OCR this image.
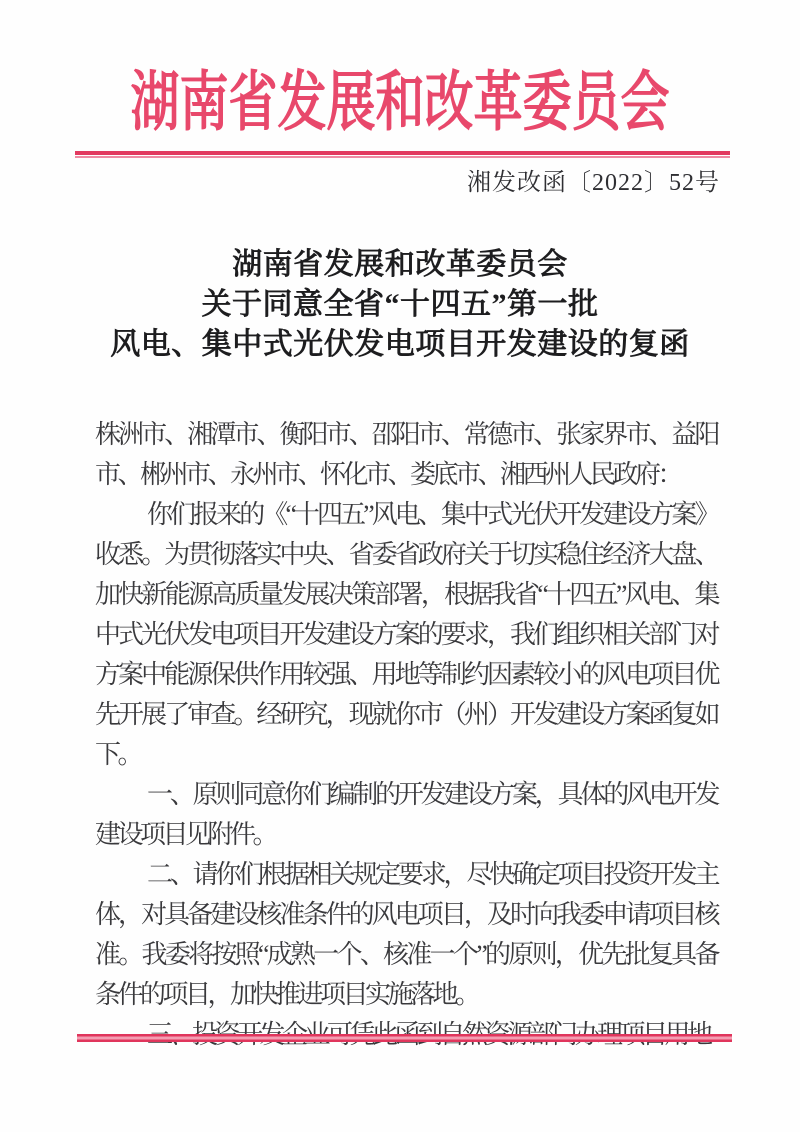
湖南省发展和改革委员会
湘发改函〔2022〕52号
湖南省发展和改革委员会
关于同意全省“十四五”第一批
风电、集中式光伏发电项目开发建设的复函

株洲市、湘潭市、衡阳市、邵阳市、常德市、张家界市、益阳市、郴州市、永州市、怀化市、娄底市、湘西州人民政府：

你们报来的《“十四五”风电、集中式光伏开发建设方案》收悉。为贯彻落实中央、省委省政府关于切实稳住经济大盘、加快新能源高质量发展决策部署，根据我省“十四五”风电、集中式光伏发电项目开发建设方案的要求，我们组织相关部门对方案中能源保供作用较强、用地等制约因素较小的风电项目优先开展了审查。经研究，现就你市（州）开发建设方案函复如下。

一、原则同意你们编制的开发建设方案，具体的风电开发建设项目见附件。

二、请你们根据相关规定要求，尽快确定项目投资开发主体，对具备建设核准条件的风电项目，及时向我委申请项目核准。我委将按照“成熟一个、核准一个”的原则，优先批复具备条件的项目，加快推进项目实施落地。
